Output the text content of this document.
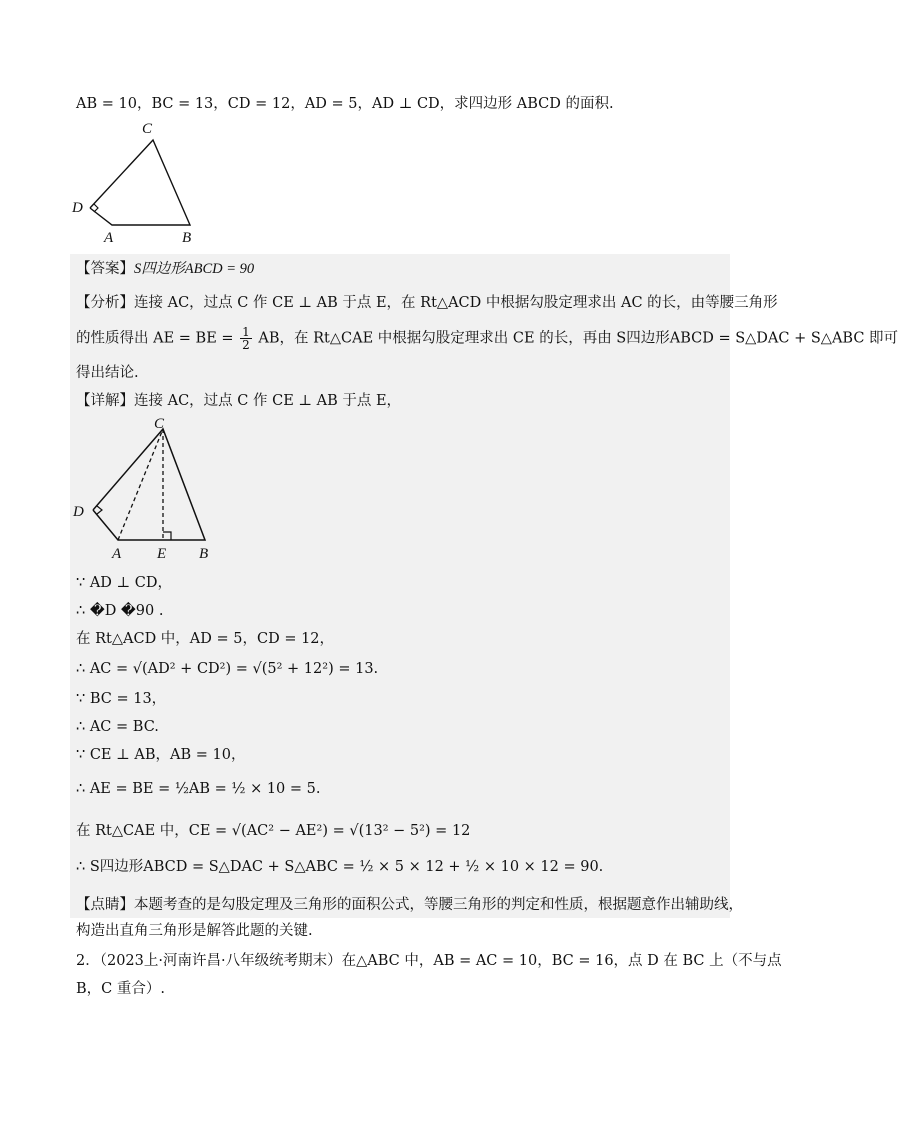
AB = 10，BC = 13，CD = 12，AD = 5，AD ⊥ CD，求四边形 ABCD 的面积.
C
D
A	B
【答案】S四边形ABCD = 90
【分析】连接 AC，过点 C 作 CE ⊥ AB 于点 E，在 Rt△ACD 中根据勾股定理求出 AC 的长，由等腰三角形
的性质得出 AE = BE = $\frac{1}{2}$ AB，在 Rt△CAE 中根据勾股定理求出 CE 的长，再由 S四边形ABCD = S△DAC + S△ABC 即可
得出结论.
【详解】连接 AC，过点 C 作 CE ⊥ AB 于点 E，
C
D
A E B
∵ AD ⊥ CD，
∴ �D �90 .
在 Rt△ACD 中，AD = 5，CD = 12，
∴ AC = √(AD² + CD²) = √(5² + 12²) = 13.
∵ BC = 13，
∴ AC = BC.
∵ CE ⊥ AB，AB = 10，
∴ AE = BE = ½AB = ½ × 10 = 5.
在 Rt△CAE 中，CE = √(AC² − AE²) = √(13² − 5²) = 12
∴ S四边形ABCD = S△DAC + S△ABC = ½ × 5 × 12 + ½ × 10 × 12 = 90.
【点睛】本题考查的是勾股定理及三角形的面积公式，等腰三角形的判定和性质，根据题意作出辅助线，
构造出直角三角形是解答此题的关键.
2．（2023上·河南许昌·八年级统考期末）在△ABC 中，AB = AC = 10，BC = 16，点 D 在 BC 上（不与点
B，C 重合）.
